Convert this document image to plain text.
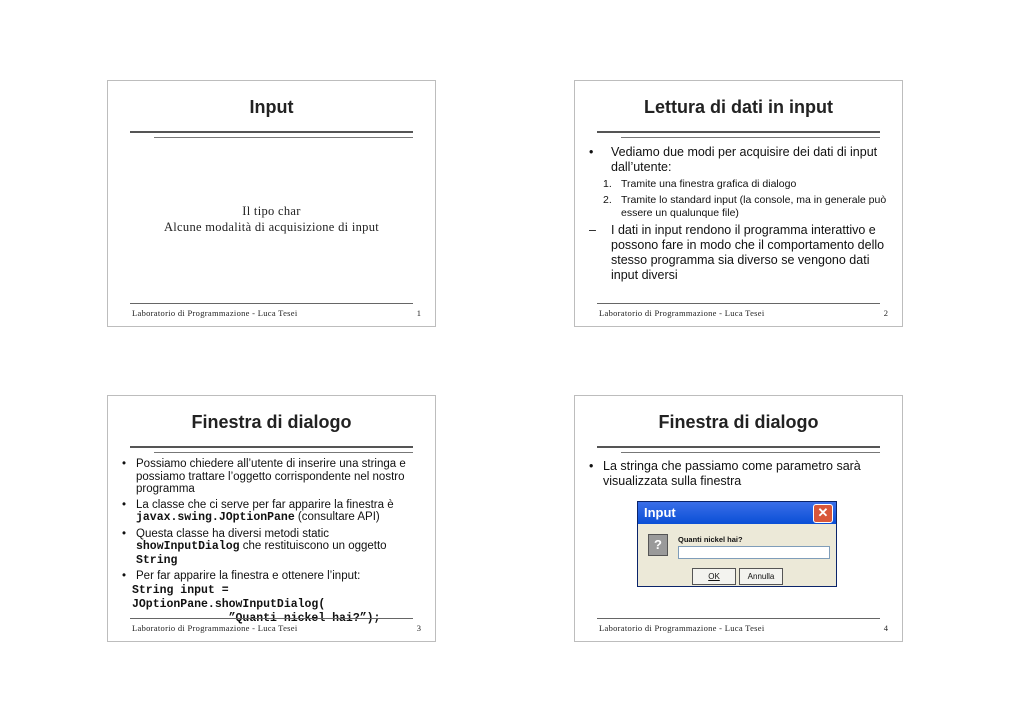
Input
Il tipo char
Alcune modalità di acquisizione di input
Laboratorio di Programmazione - Luca Tesei	1
Lettura di dati in input
• Vediamo due modi per acquisire dei dati di input dall’utente:
1. Tramite una finestra grafica di dialogo
2. Tramite lo standard input (la console, ma in generale può essere un qualunque file)
– I dati in input rendono il programma interattivo e possono fare in modo che il comportamento dello stesso programma sia diverso se vengono dati input diversi
Laboratorio di Programmazione - Luca Tesei	2
Finestra di dialogo
• Possiamo chiedere all’utente di inserire una stringa e possiamo trattare l’oggetto corrispondente nel nostro programma
• La classe che ci serve per far apparire la finestra è
javax.swing.JOptionPane (consultare API)
• Questa classe ha diversi metodi static
showInputDialog che restituiscono un oggetto
String
• Per far apparire la finestra e ottenere l’input:
String input =
JOptionPane.showInputDialog(
”Quanti nickel hai?”);
Laboratorio di Programmazione - Luca Tesei	3
Finestra di dialogo
• La stringa che passiamo come parametro sarà visualizzata sulla finestra
Input	✕
?	Quanti nickel hai?
OK	Annulla
Laboratorio di Programmazione - Luca Tesei	4
